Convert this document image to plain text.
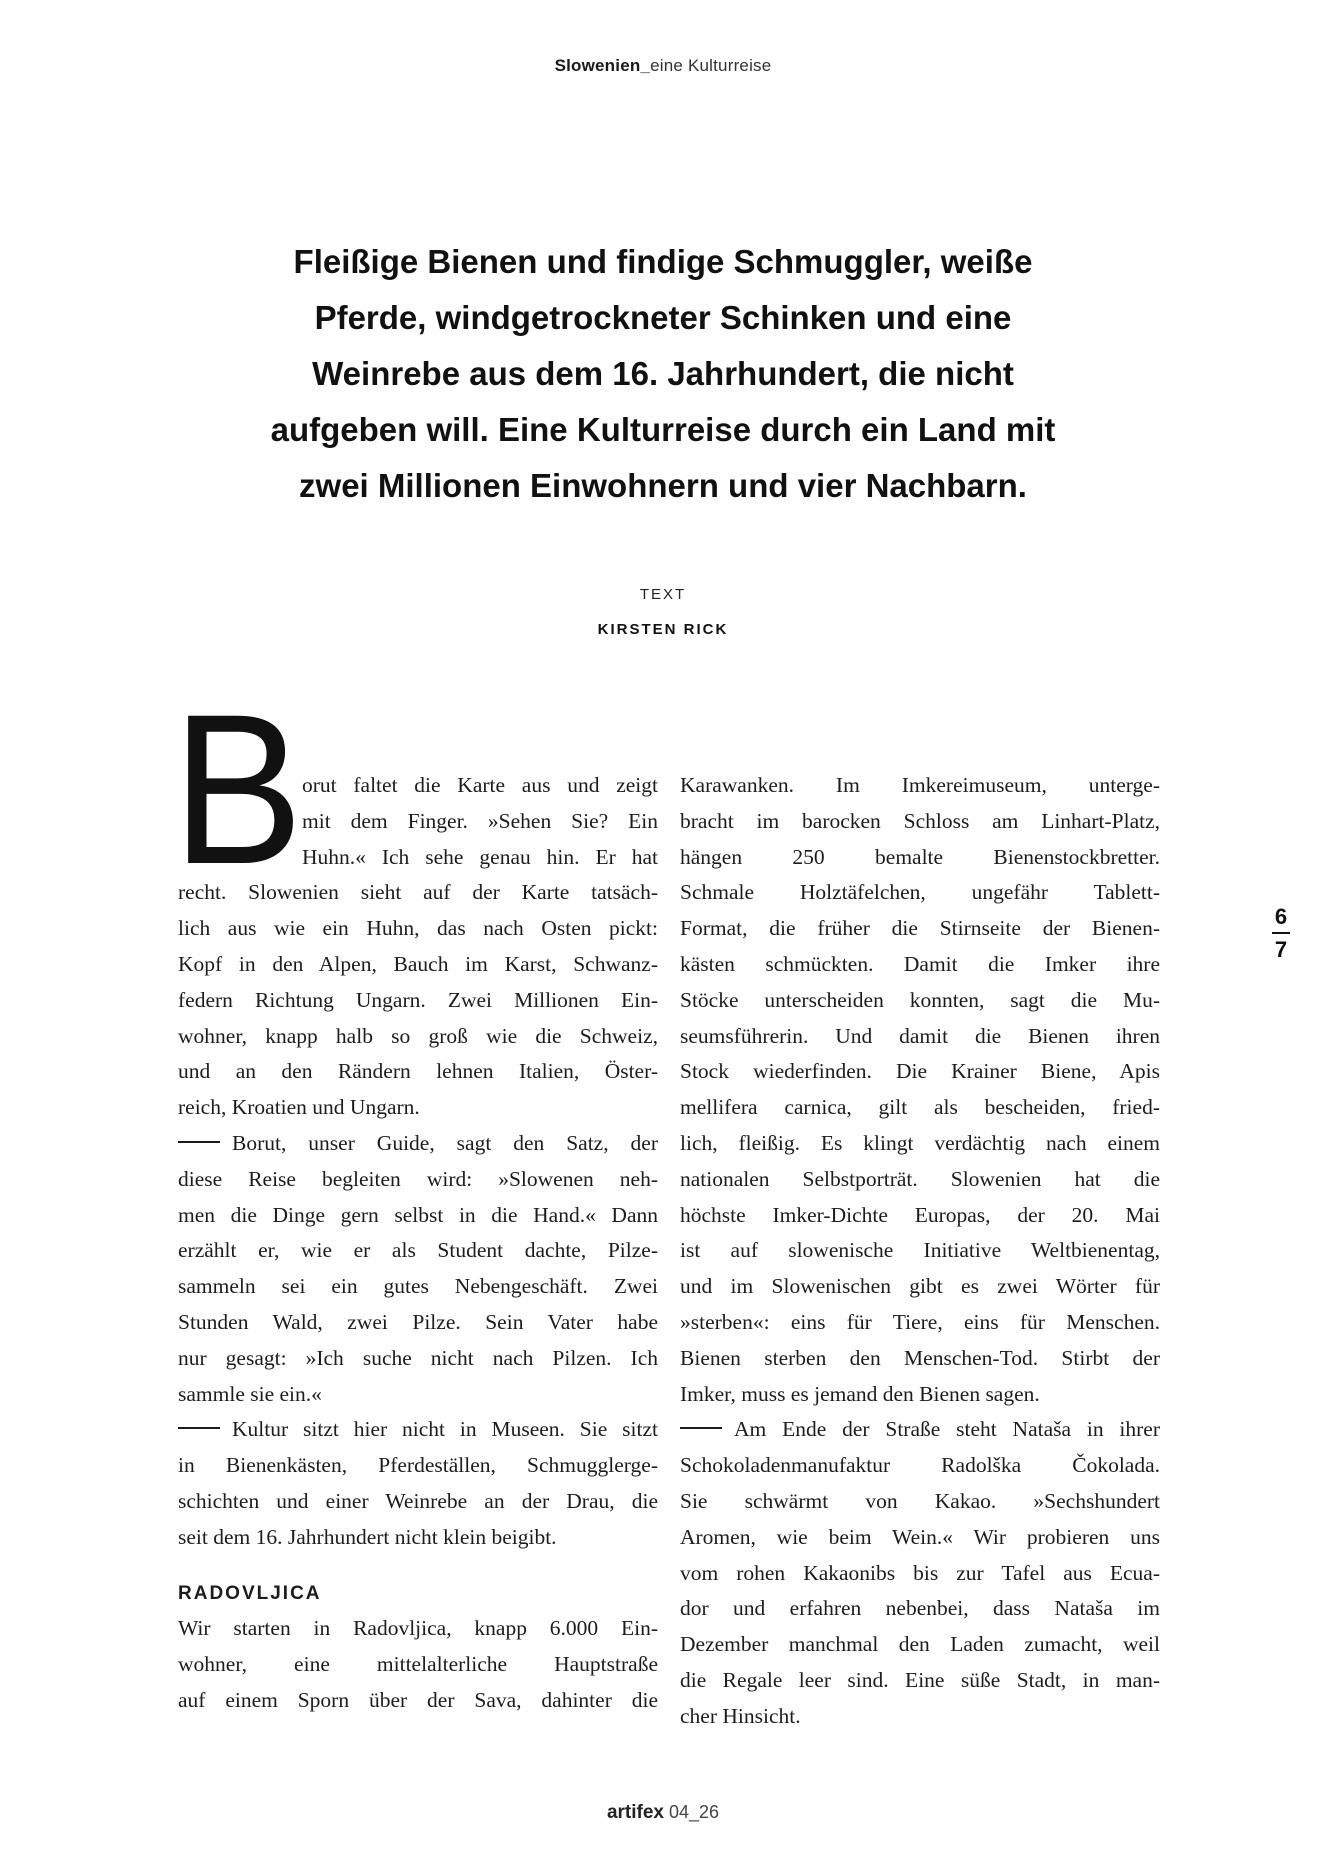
Slowenien_eine Kulturreise
Fleißige Bienen und findige Schmuggler, weiße
Pferde, windgetrockneter Schinken und eine
Weinrebe aus dem 16. Jahrhundert, die nicht
aufgeben will. Eine Kulturreise durch ein Land mit
zwei Millionen Einwohnern und vier Nachbarn.
TEXT
KIRSTEN RICK
B
orut faltet die Karte aus und zeigt
mit dem Finger. »Sehen Sie? Ein
Huhn.« Ich sehe genau hin. Er hat
recht. Slowenien sieht auf der Karte tatsäch-
lich aus wie ein Huhn, das nach Osten pickt:
Kopf in den Alpen, Bauch im Karst, Schwanz-
federn Richtung Ungarn. Zwei Millionen Ein-
wohner, knapp halb so groß wie die Schweiz,
und an den Rändern lehnen Italien, Öster-
reich, Kroatien und Ungarn.
Borut, unser Guide, sagt den Satz, der
diese Reise begleiten wird: »Slowenen neh-
men die Dinge gern selbst in die Hand.« Dann
erzählt er, wie er als Student dachte, Pilze-
sammeln sei ein gutes Nebengeschäft. Zwei
Stunden Wald, zwei Pilze. Sein Vater habe
nur gesagt: »Ich suche nicht nach Pilzen. Ich
sammle sie ein.«
Kultur sitzt hier nicht in Museen. Sie sitzt
in Bienenkästen, Pferdeställen, Schmugglerge-
schichten und einer Weinrebe an der Drau, die
seit dem 16. Jahrhundert nicht klein beigibt.
RADOVLJICA
Wir starten in Radovljica, knapp 6.000 Ein-
wohner, eine mittelalterliche Hauptstraße
auf einem Sporn über der Sava, dahinter die
Karawanken. Im Imkereimuseum, unterge-
bracht im barocken Schloss am Linhart-Platz,
hängen 250 bemalte Bienenstockbretter.
Schmale Holztäfelchen, ungefähr Tablett-
Format, die früher die Stirnseite der Bienen-
kästen schmückten. Damit die Imker ihre
Stöcke unterscheiden konnten, sagt die Mu-
seumsführerin. Und damit die Bienen ihren
Stock wiederfinden. Die Krainer Biene, Apis
mellifera carnica, gilt als bescheiden, fried-
lich, fleißig. Es klingt verdächtig nach einem
nationalen Selbstporträt. Slowenien hat die
höchste Imker-Dichte Europas, der 20. Mai
ist auf slowenische Initiative Weltbienentag,
und im Slowenischen gibt es zwei Wörter für
»sterben«: eins für Tiere, eins für Menschen.
Bienen sterben den Menschen-Tod. Stirbt der
Imker, muss es jemand den Bienen sagen.
Am Ende der Straße steht Nataša in ihrer
Schokoladenmanufaktur Radolška Čokolada.
Sie schwärmt von Kakao. »Sechshundert
Aromen, wie beim Wein.« Wir probieren uns
vom rohen Kakaonibs bis zur Tafel aus Ecua-
dor und erfahren nebenbei, dass Nataša im
Dezember manchmal den Laden zumacht, weil
die Regale leer sind. Eine süße Stadt, in man-
cher Hinsicht.
6
7
artifex 04_26
